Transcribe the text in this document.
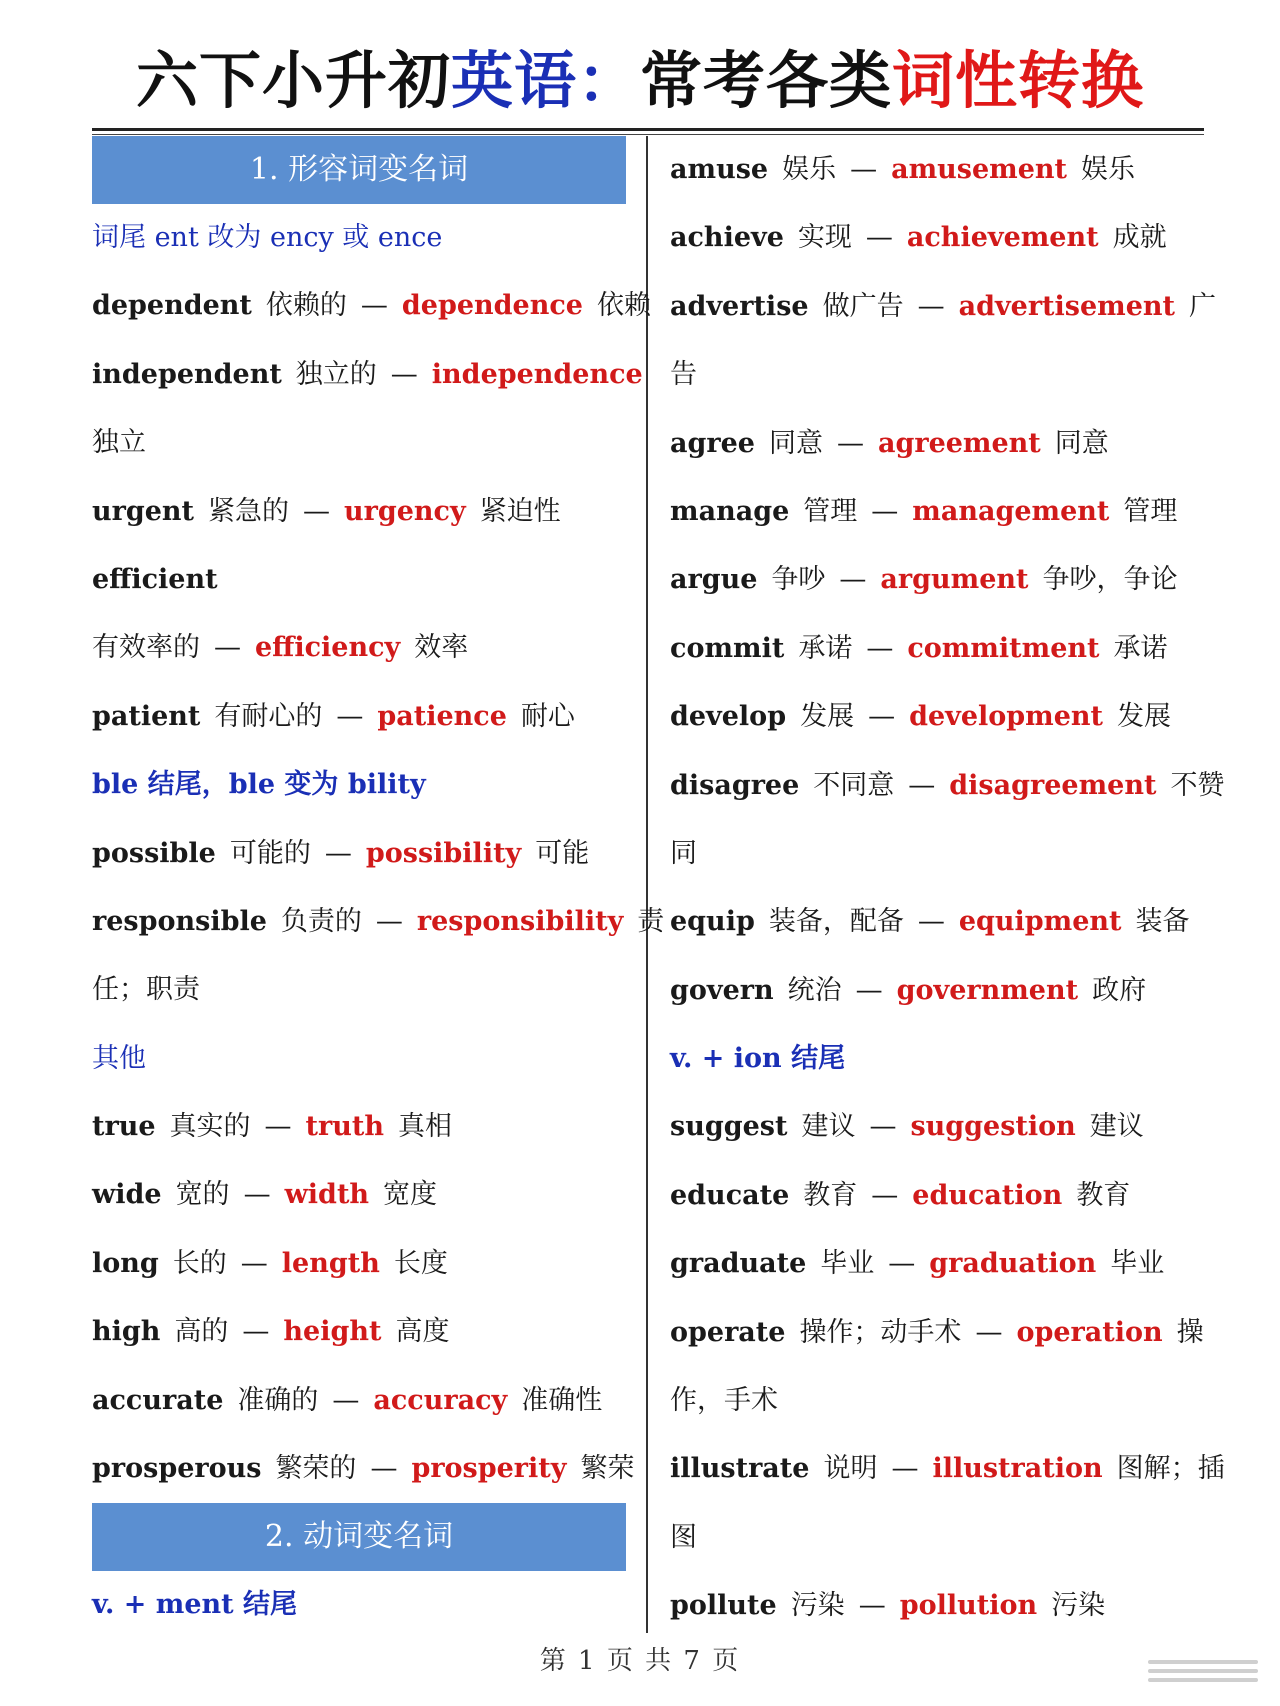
六下小升初英语：常考各类词性转换
1. 形容词变名词
词尾 ent 改为 ency 或 ence
dependent 依赖的 — dependence 依赖
independent 独立的 — independence
独立
urgent 紧急的 — urgency 紧迫性
efficient
有效率的 — efficiency 效率
patient 有耐心的 — patience 耐心
ble 结尾，ble 变为 bility
possible 可能的 — possibility 可能
responsible 负责的 — responsibility 责
任；职责
其他
true 真实的 — truth 真相
wide 宽的 — width 宽度
long 长的 — length 长度
high 高的 — height 高度
accurate 准确的 — accuracy 准确性
prosperous 繁荣的 — prosperity 繁荣
2. 动词变名词
v. + ment 结尾
amuse 娱乐 — amusement 娱乐
achieve 实现 — achievement 成就
advertise 做广告 — advertisement 广
告
agree 同意 — agreement 同意
manage 管理 — management 管理
argue 争吵 — argument 争吵，争论
commit 承诺 — commitment 承诺
develop 发展 — development 发展
disagree 不同意 — disagreement 不赞
同
equip 装备，配备 — equipment 装备
govern 统治 — government 政府
v. + ion 结尾
suggest 建议 — suggestion 建议
educate 教育 — education 教育
graduate 毕业 — graduation 毕业
operate 操作；动手术 — operation 操
作，手术
illustrate 说明 — illustration 图解；插
图
pollute 污染 — pollution 污染
第 1 页 共 7 页
